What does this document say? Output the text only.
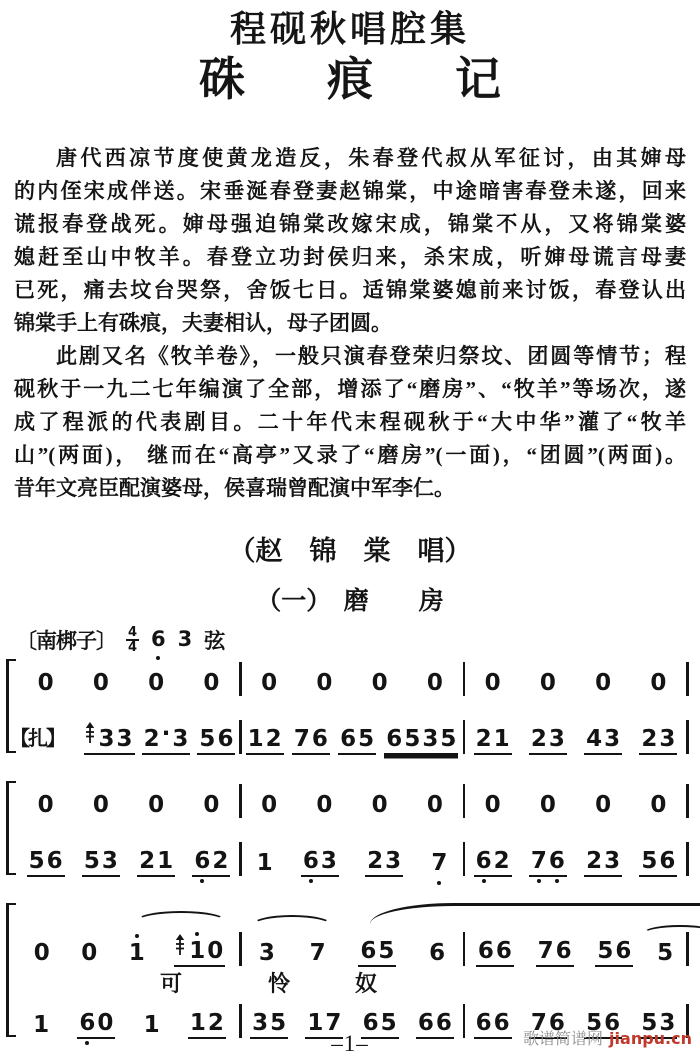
程砚秋唱腔集
硃 痕 记
唐代西凉节度使黄龙造反，朱春登代叔从军征讨，由其婶母
的内侄宋成伴送。宋垂涎春登妻赵锦棠，中途暗害春登未遂，回来
谎报春登战死。婶母强迫锦棠改嫁宋成，锦棠不从，又将锦棠婆
媳赶至山中牧羊。春登立功封侯归来，杀宋成，听婶母谎言母妻
已死，痛去坟台哭祭，舍饭七日。适锦棠婆媳前来讨饭，春登认出
锦棠手上有硃痕，夫妻相认，母子团圆。
此剧又名《牧羊卷》，一般只演春登荣归祭坟、团圆等情节；程
砚秋于一九二七年编演了全部，增添了“磨房”、“牧羊”等场次，遂
成了程派的代表剧目。二十年代末程砚秋于“大中华”灌了“牧羊
山”(两面)， 继而在“高亭”又录了“磨房”(一面)，“团圆”(两面)。
昔年文亮臣配演婆母，侯喜瑞曾配演中军李仁。
（赵　锦　棠　唱）
（一）　磨　　房
〔南梆子〕 $\frac{4}{4} 6$ 3 弦
0 0 0 0 0 0 0 0 0 0 0 0
【扎】 3 3 2 · 3 5 6 1 2 7 6 6 5 6 5 3 5 2 1 2 3 4 3 2 3
0 0 0 0 0 0 0 0 0 0 0 0
5 6 5 3 2 1 6 2 1 6 3 2 3 7 6 2 7 6 2 3 5 6
0 0 1 1 0 3 7 6 5 6 6 6 7 6 5 6 5
可	怜	奴
1 6 0 1 1 2 3 5 1 7 6 5 6 6 6 6 7 6 5 6 5 3
–1–	歌谱简谱网 jianpu.cn
